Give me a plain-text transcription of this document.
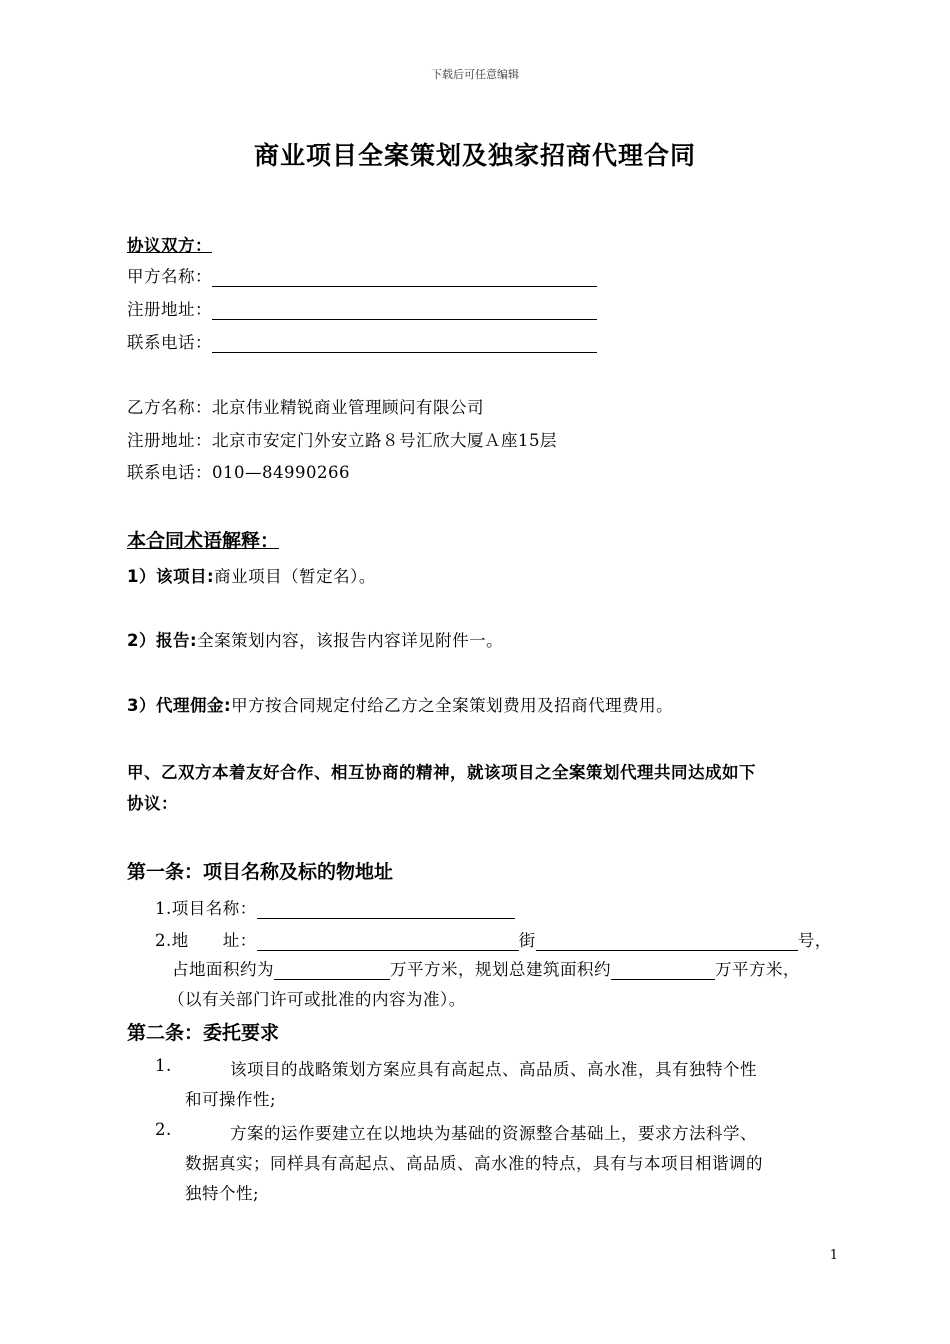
下载后可任意编辑
商业项目全案策划及独家招商代理合同
协议双方：
甲方名称：
注册地址：
联系电话：
乙方名称：北京伟业精锐商业管理顾问有限公司
注册地址：北京市安定门外安立路８号汇欣大厦Ａ座15层
联系电话：010—84990266
本合同术语解释：
1）该项目:商业项目（暂定名）。
2）报告:全案策划内容，该报告内容详见附件一。
3）代理佣金:甲方按合同规定付给乙方之全案策划费用及招商代理费用。
甲、乙双方本着友好合作、相互协商的精神，就该项目之全案策划代理共同达成如下
协议：
第一条：项目名称及标的物地址
1.项目名称：
2.地　　址：	街	号，
占地面积约为	万平方米，规划总建筑面积约	万平方米，
（以有关部门许可或批准的内容为准）。
第二条：委托要求
1.	该项目的战略策划方案应具有高起点、高品质、高水准，具有独特个性
和可操作性;
2.	方案的运作要建立在以地块为基础的资源整合基础上，要求方法科学、
数据真实；同样具有高起点、高品质、高水准的特点，具有与本项目相谐调的
独特个性;
1
